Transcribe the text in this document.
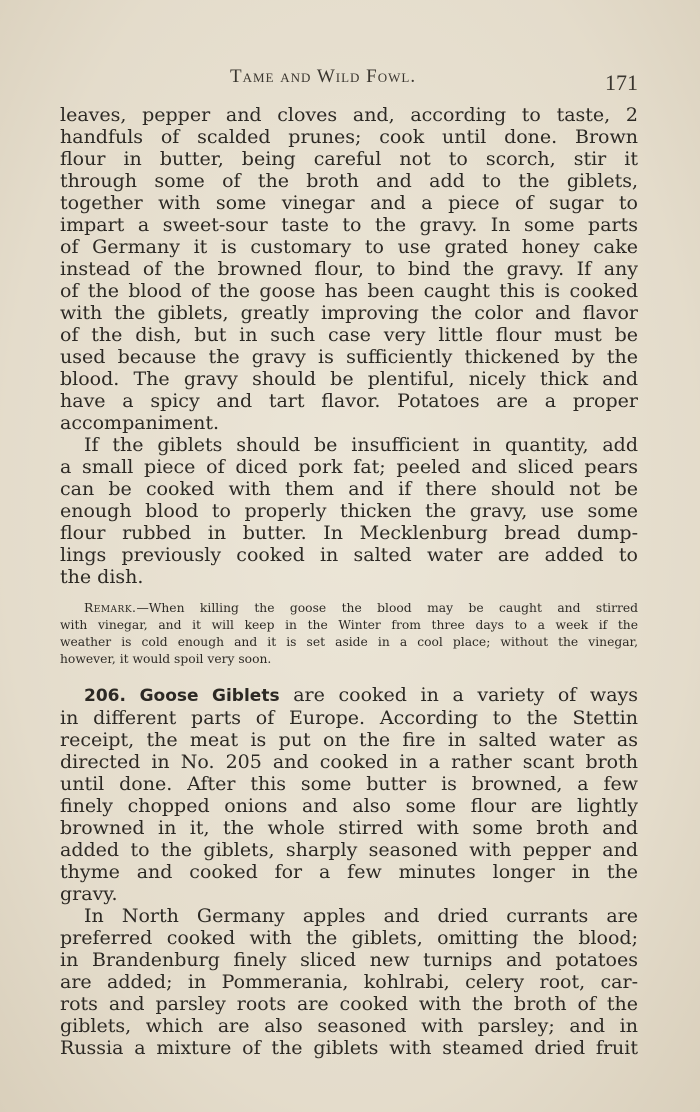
Tame and Wild Fowl.	171
leaves, pepper and cloves and, according to taste, 2
handfuls of scalded prunes; cook until done. Brown
flour in butter, being careful not to scorch, stir it
through some of the broth and add to the giblets,
together with some vinegar and a piece of sugar to
impart a sweet-sour taste to the gravy. In some parts
of Germany it is customary to use grated honey cake
instead of the browned flour, to bind the gravy. If any
of the blood of the goose has been caught this is cooked
with the giblets, greatly improving the color and flavor
of the dish, but in such case very little flour must be
used because the gravy is sufficiently thickened by the
blood. The gravy should be plentiful, nicely thick and
have a spicy and tart flavor. Potatoes are a proper
accompaniment.
If the giblets should be insufficient in quantity, add
a small piece of diced pork fat; peeled and sliced pears
can be cooked with them and if there should not be
enough blood to properly thicken the gravy, use some
flour rubbed in butter. In Mecklenburg bread dump-
lings previously cooked in salted water are added to
the dish.
Remark.—When killing the goose the blood may be caught and stirred
with vinegar, and it will keep in the Winter from three days to a week if the
weather is cold enough and it is set aside in a cool place; without the vinegar,
however, it would spoil very soon.
206. Goose Giblets are cooked in a variety of ways
in different parts of Europe. According to the Stettin
receipt, the meat is put on the fire in salted water as
directed in No. 205 and cooked in a rather scant broth
until done. After this some butter is browned, a few
finely chopped onions and also some flour are lightly
browned in it, the whole stirred with some broth and
added to the giblets, sharply seasoned with pepper and
thyme and cooked for a few minutes longer in the
gravy.
In North Germany apples and dried currants are
preferred cooked with the giblets, omitting the blood;
in Brandenburg finely sliced new turnips and potatoes
are added; in Pommerania, kohlrabi, celery root, car-
rots and parsley roots are cooked with the broth of the
giblets, which are also seasoned with parsley; and in
Russia a mixture of the giblets with steamed dried fruit
